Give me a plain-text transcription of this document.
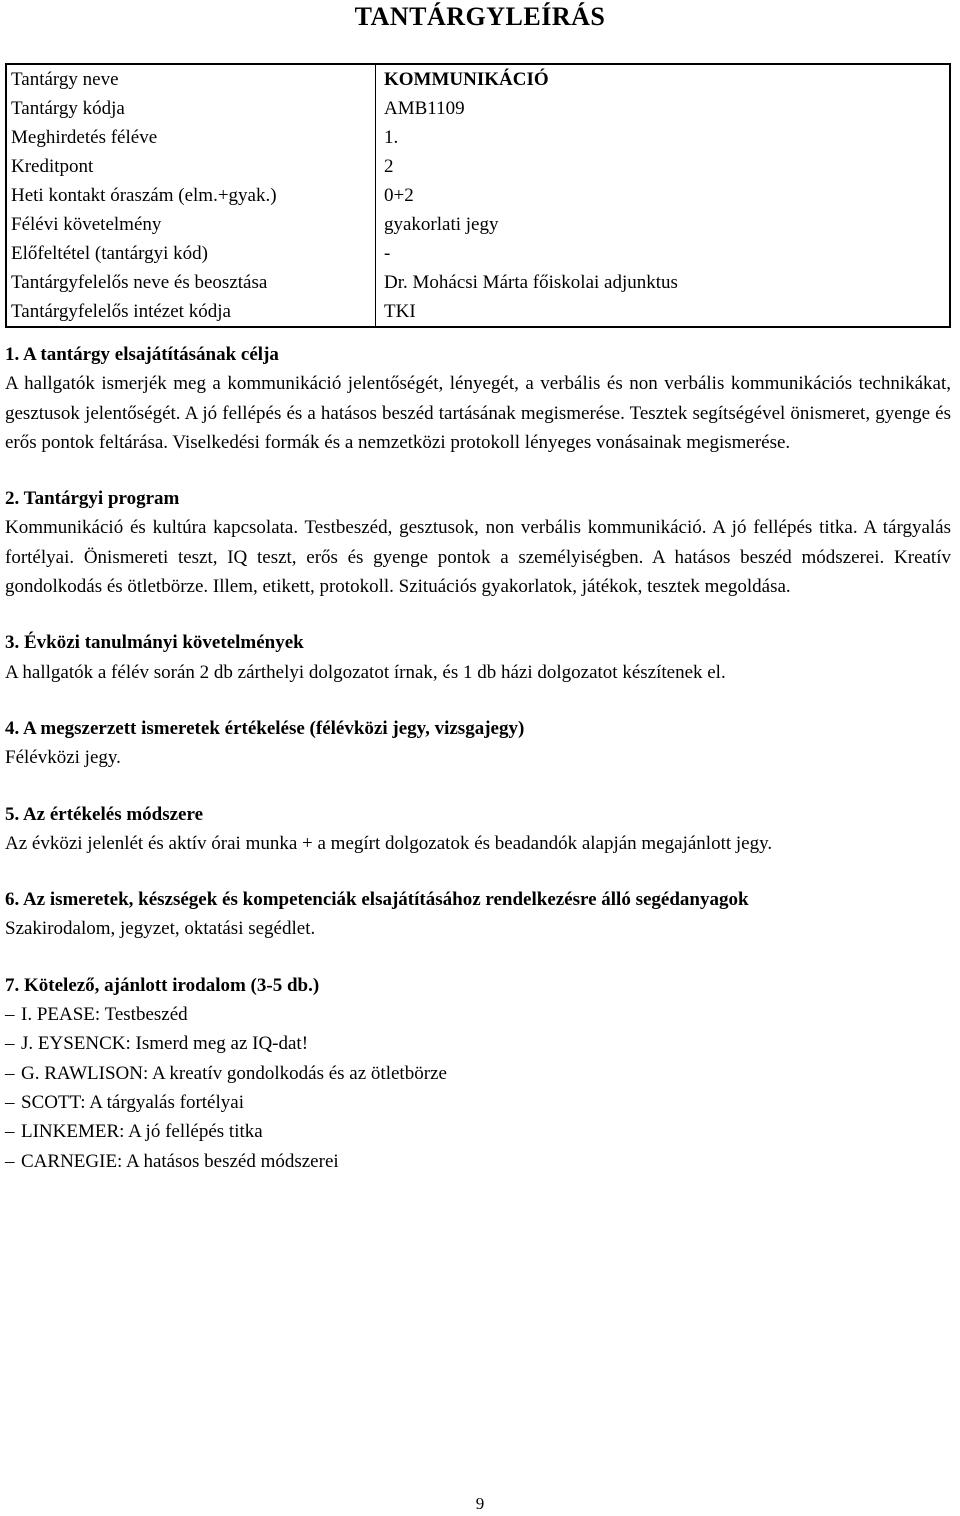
TANTÁRGYLEÍRÁS
Tantárgy neve	KOMMUNIKÁCIÓ
Tantárgy kódja	AMB1109
Meghirdetés féléve	1.
Kreditpont	2
Heti kontakt óraszám (elm.+gyak.)	0+2
Félévi követelmény	gyakorlati jegy
Előfeltétel (tantárgyi kód)	-
Tantárgyfelelős neve és beosztása	Dr. Mohácsi Márta főiskolai adjunktus
Tantárgyfelelős intézet kódja	TKI
1. A tantárgy elsajátításának célja
A hallgatók ismerjék meg a kommunikáció jelentőségét, lényegét, a verbális és non verbális kommunikációs technikákat, gesztusok jelentőségét. A jó fellépés és a hatásos beszéd tartásának megismerése. Tesztek segítségével önismeret, gyenge és erős pontok feltárása. Viselkedési formák és a nemzetközi protokoll lényeges vonásainak megismerése.
2. Tantárgyi program
Kommunikáció és kultúra kapcsolata. Testbeszéd, gesztusok, non verbális kommunikáció. A jó fellépés titka. A tárgyalás fortélyai. Önismereti teszt, IQ teszt, erős és gyenge pontok a személyiségben. A hatásos beszéd módszerei. Kreatív gondolkodás és ötletbörze. Illem, etikett, protokoll. Szituációs gyakorlatok, játékok, tesztek megoldása.
3. Évközi tanulmányi követelmények
A hallgatók a félév során 2 db zárthelyi dolgozatot írnak, és 1 db házi dolgozatot készítenek el.
4. A megszerzett ismeretek értékelése (félévközi jegy, vizsgajegy)
Félévközi jegy.
5. Az értékelés módszere
Az évközi jelenlét és aktív órai munka + a megírt dolgozatok és beadandók alapján megajánlott jegy.
6. Az ismeretek, készségek és kompetenciák elsajátításához rendelkezésre álló segédanyagok
Szakirodalom, jegyzet, oktatási segédlet.
7. Kötelező, ajánlott irodalom (3-5 db.)
– I. PEASE: Testbeszéd
– J. EYSENCK: Ismerd meg az IQ-dat!
– G. RAWLISON: A kreatív gondolkodás és az ötletbörze
– SCOTT: A tárgyalás fortélyai
– LINKEMER: A jó fellépés titka
– CARNEGIE: A hatásos beszéd módszerei
9
